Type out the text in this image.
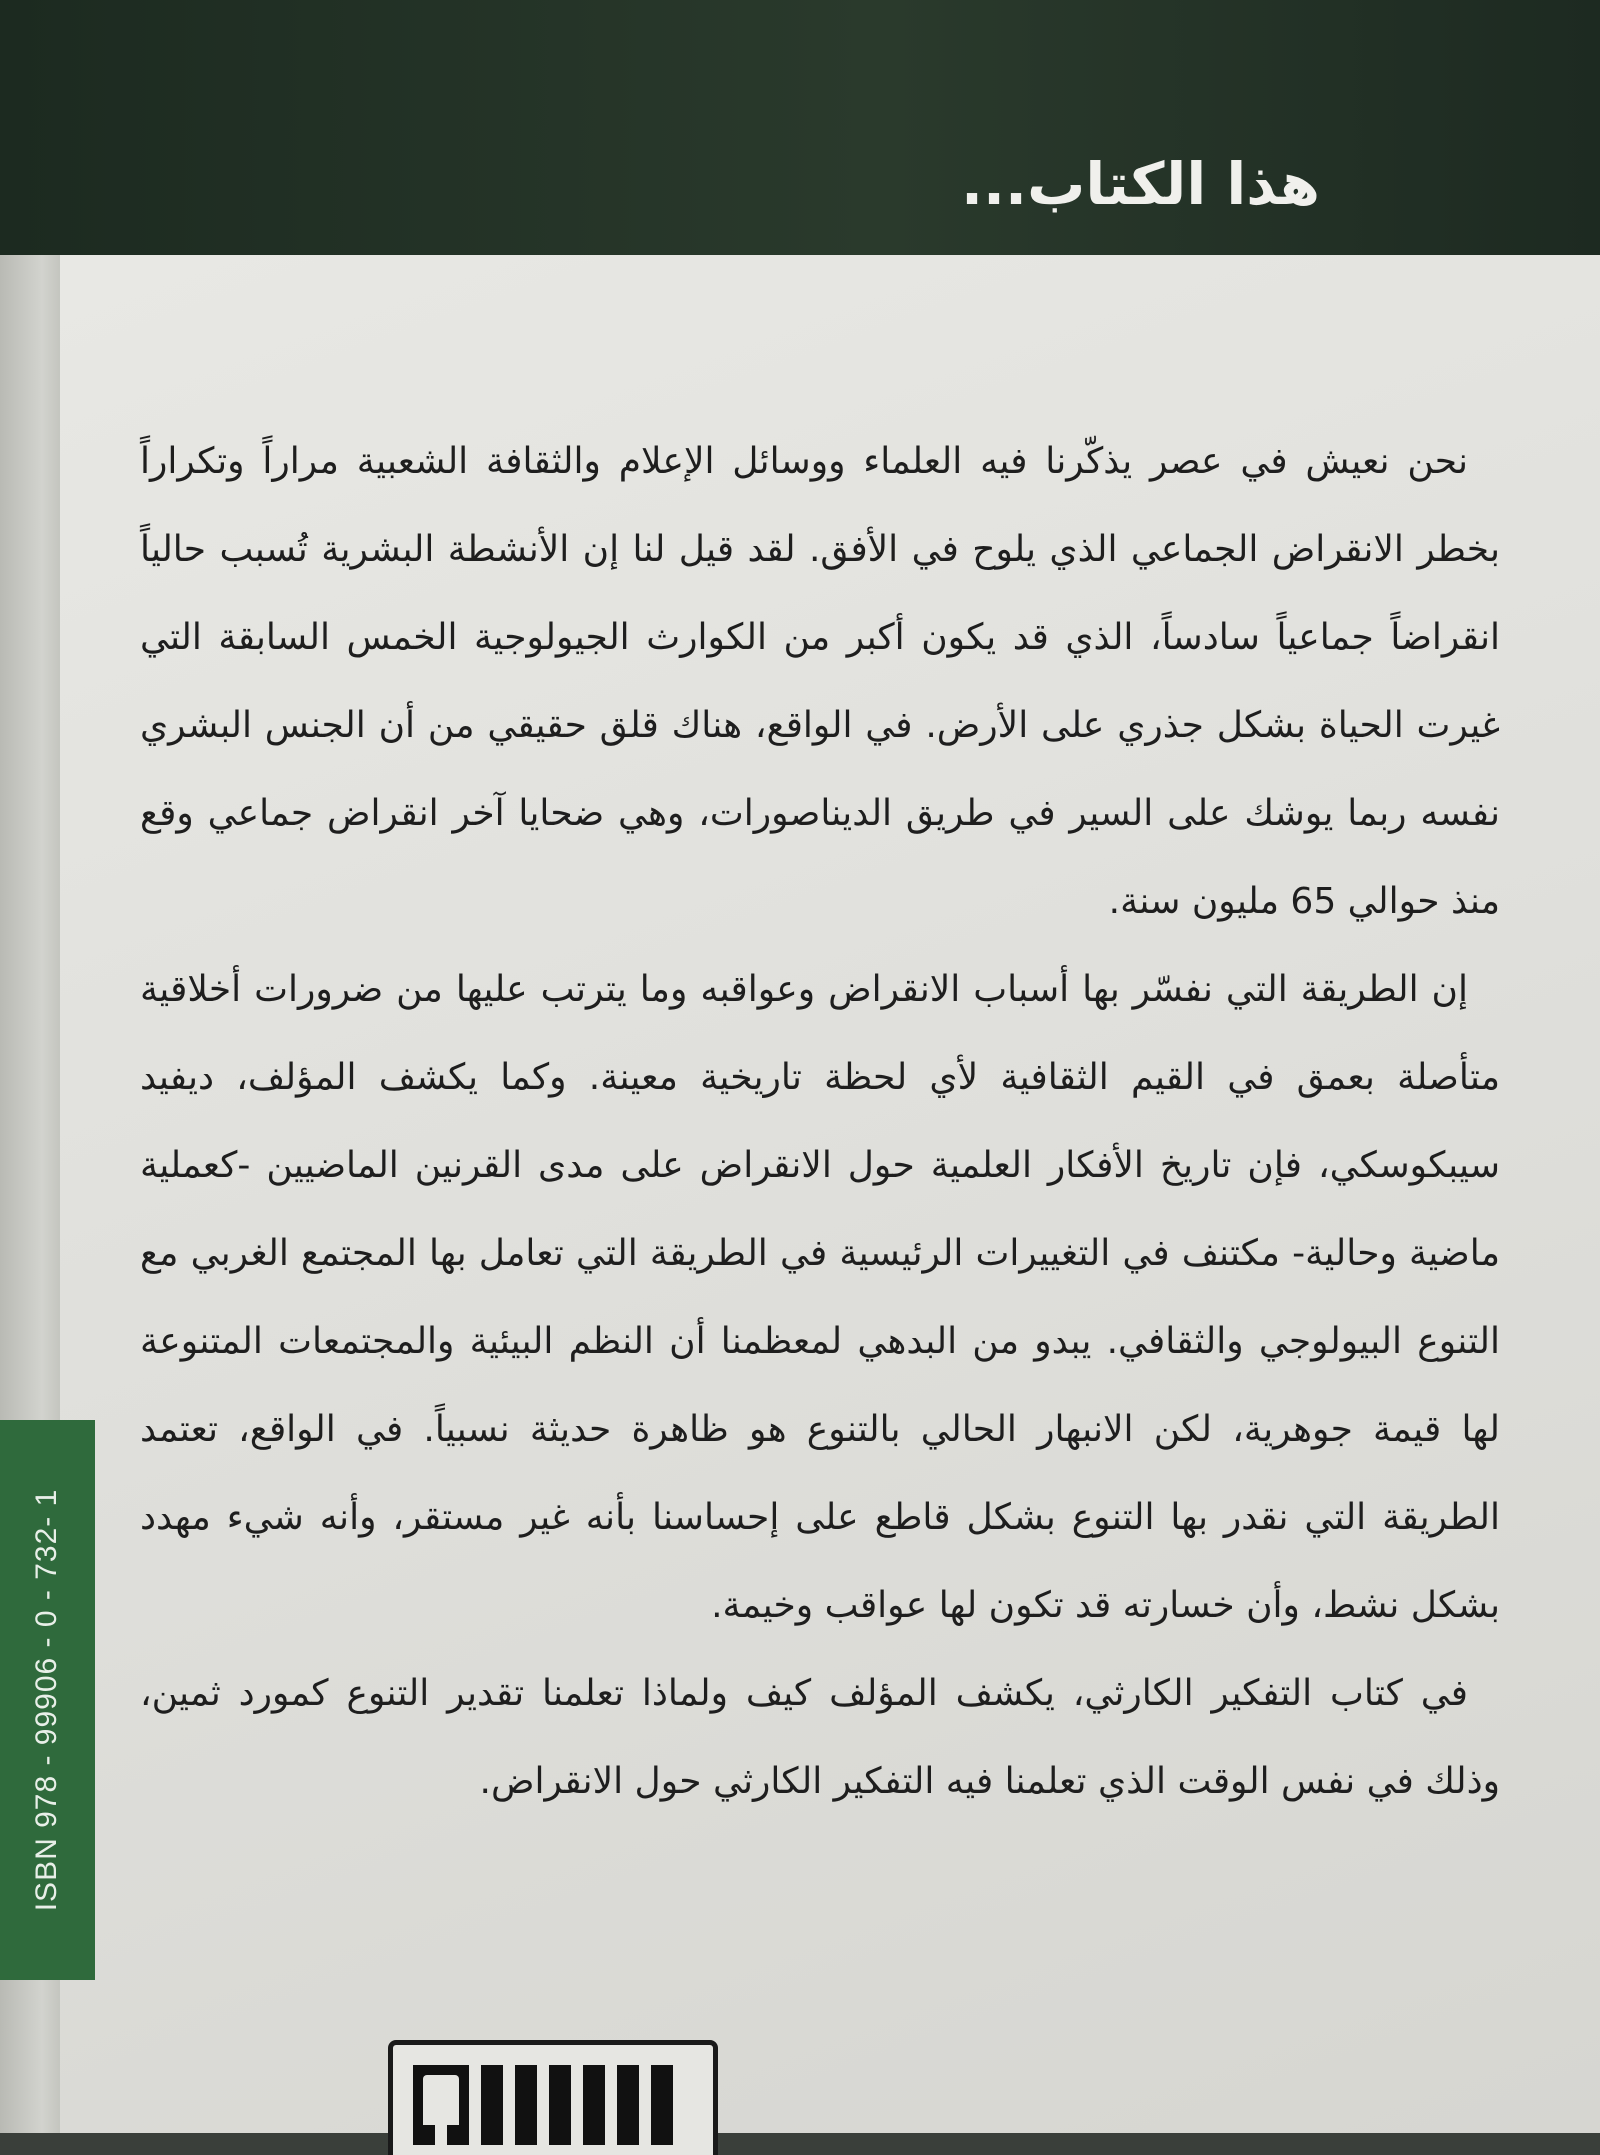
هذا الكتاب...

نحن نعيش في عصر يذكّرنا فيه العلماء ووسائل الإعلام والثقافة الشعبية مراراً وتكراراً بخطر الانقراض الجماعي الذي يلوح في الأفق. لقد قيل لنا إن الأنشطة البشرية تُسبب حالياً انقراضاً جماعياً سادساً، الذي قد يكون أكبر من الكوارث الجيولوجية الخمس السابقة التي غيرت الحياة بشكل جذري على الأرض. في الواقع، هناك قلق حقيقي من أن الجنس البشري نفسه ربما يوشك على السير في طريق الديناصورات، وهي ضحايا آخر انقراض جماعي وقع منذ حوالي 65 مليون سنة.

إن الطريقة التي نفسّر بها أسباب الانقراض وعواقبه وما يترتب عليها من ضرورات أخلاقية متأصلة بعمق في القيم الثقافية لأي لحظة تاريخية معينة. وكما يكشف المؤلف، ديفيد سيبكوسكي، فإن تاريخ الأفكار العلمية حول الانقراض على مدى القرنين الماضيين -كعملية ماضية وحالية- مكتنف في التغييرات الرئيسية في الطريقة التي تعامل بها المجتمع الغربي مع التنوع البيولوجي والثقافي. يبدو من البدهي لمعظمنا أن النظم البيئية والمجتمعات المتنوعة لها قيمة جوهرية، لكن الانبهار الحالي بالتنوع هو ظاهرة حديثة نسبياً. في الواقع، تعتمد الطريقة التي نقدر بها التنوع بشكل قاطع على إحساسنا بأنه غير مستقر، وأنه شيء مهدد بشكل نشط، وأن خسارته قد تكون لها عواقب وخيمة.

في كتاب التفكير الكارثي، يكشف المؤلف كيف ولماذا تعلمنا تقدير التنوع كمورد ثمين، وذلك في نفس الوقت الذي تعلمنا فيه التفكير الكارثي حول الانقراض.

ISBN 978 - 99906 - 0 - 732- 1
